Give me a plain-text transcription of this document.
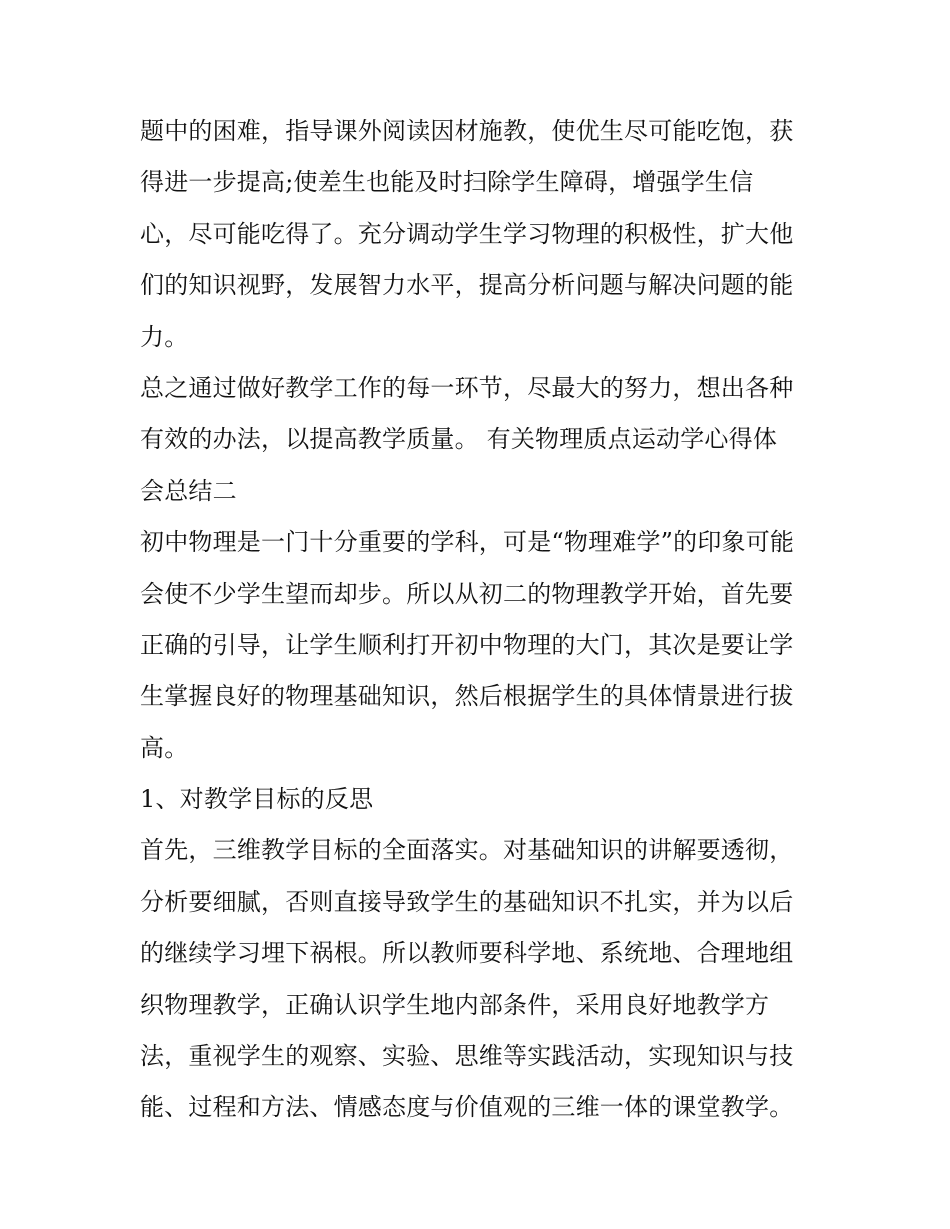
题中的困难，指导课外阅读因材施教，使优生尽可能吃饱，获
得进一步提高;使差生也能及时扫除学生障碍，增强学生信
心，尽可能吃得了。充分调动学生学习物理的积极性，扩大他
们的知识视野，发展智力水平，提高分析问题与解决问题的能
力。
总之通过做好教学工作的每一环节，尽最大的努力，想出各种
有效的办法，以提高教学质量。 有关物理质点运动学心得体
会总结二
初中物理是一门十分重要的学科，可是“物理难学”的印象可能
会使不少学生望而却步。所以从初二的物理教学开始，首先要
正确的引导，让学生顺利打开初中物理的大门，其次是要让学
生掌握良好的物理基础知识，然后根据学生的具体情景进行拔
高。
1、对教学目标的反思
首先，三维教学目标的全面落实。对基础知识的讲解要透彻，
分析要细腻，否则直接导致学生的基础知识不扎实，并为以后
的继续学习埋下祸根。所以教师要科学地、系统地、合理地组
织物理教学，正确认识学生地内部条件，采用良好地教学方
法，重视学生的观察、实验、思维等实践活动，实现知识与技
能、过程和方法、情感态度与价值观的三维一体的课堂教学。
